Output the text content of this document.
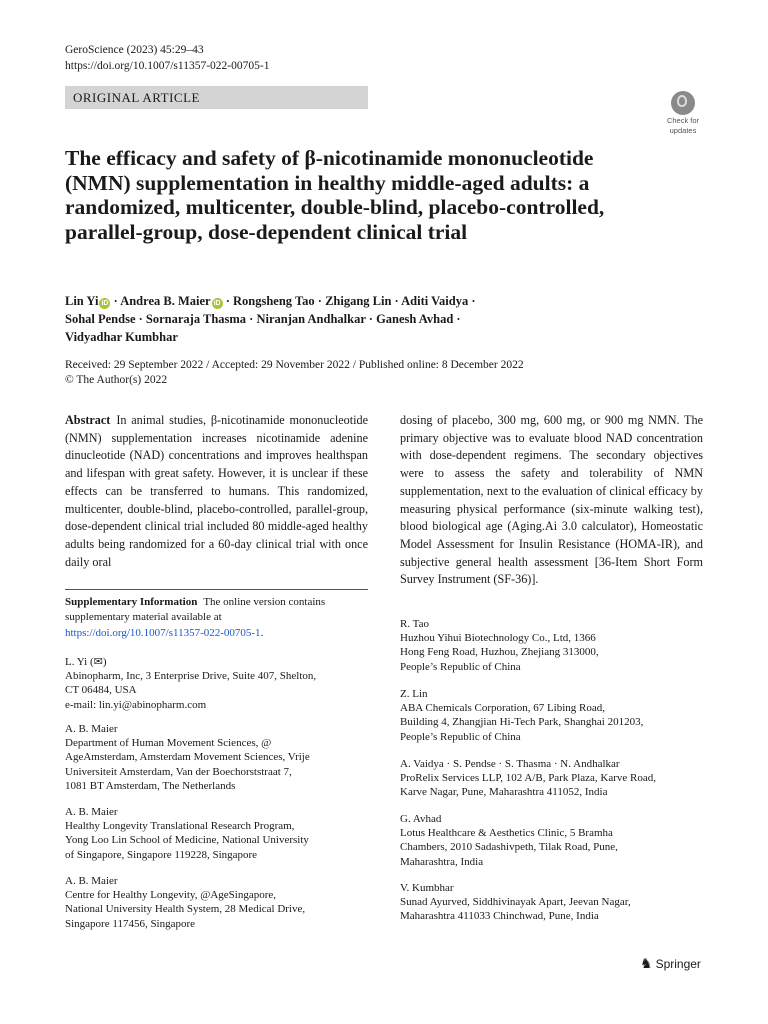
GeroScience (2023) 45:29–43
https://doi.org/10.1007/s11357-022-00705-1
ORIGINAL ARTICLE
Check for
updates
The efficacy and safety of β-nicotinamide mononucleotide (NMN) supplementation in healthy middle-aged adults: a randomized, multicenter, double-blind, placebo-controlled, parallel-group, dose-dependent clinical trial
Lin Yi iD · Andrea B. Maier iD · Rongsheng Tao · Zhigang Lin · Aditi Vaidya ·
Sohal Pendse · Sornaraja Thasma · Niranjan Andhalkar · Ganesh Avhad ·
Vidyadhar Kumbhar
Received: 29 September 2022 / Accepted: 29 November 2022 / Published online: 8 December 2022
© The Author(s) 2022
Abstract In animal studies, β-nicotinamide mononucleotide (NMN) supplementation increases nicotinamide adenine dinucleotide (NAD) concentrations and improves healthspan and lifespan with great safety. However, it is unclear if these effects can be transferred to humans. This randomized, multicenter, double-blind, placebo-controlled, parallel-group, dose-dependent clinical trial included 80 middle-aged healthy adults being randomized for a 60-day clinical trial with once daily oral
dosing of placebo, 300 mg, 600 mg, or 900 mg NMN. The primary objective was to evaluate blood NAD concentration with dose-dependent regimens. The secondary objectives were to assess the safety and tolerability of NMN supplementation, next to the evaluation of clinical efficacy by measuring physical performance (six-minute walking test), blood biological age (Aging.Ai 3.0 calculator), Homeostatic Model Assessment for Insulin Resistance (HOMA-IR), and subjective general health assessment [36-Item Short Form Survey Instrument (SF-36)].
Supplementary Information The online version contains supplementary material available at https://doi.org/10.1007/s11357-022-00705-1.
L. Yi (✉)
Abinopharm, Inc, 3 Enterprise Drive, Suite 407, Shelton,
CT 06484, USA
e-mail: lin.yi@abinopharm.com
A. B. Maier
Department of Human Movement Sciences, @
AgeAmsterdam, Amsterdam Movement Sciences, Vrije
Universiteit Amsterdam, Van der Boechorststraat 7,
1081 BT Amsterdam, The Netherlands
A. B. Maier
Healthy Longevity Translational Research Program,
Yong Loo Lin School of Medicine, National University
of Singapore, Singapore 119228, Singapore
A. B. Maier
Centre for Healthy Longevity, @AgeSingapore,
National University Health System, 28 Medical Drive,
Singapore 117456, Singapore
R. Tao
Huzhou Yihui Biotechnology Co., Ltd, 1366
Hong Feng Road, Huzhou, Zhejiang 313000,
People’s Republic of China
Z. Lin
ABA Chemicals Corporation, 67 Libing Road,
Building 4, Zhangjian Hi-Tech Park, Shanghai 201203,
People’s Republic of China
A. Vaidya · S. Pendse · S. Thasma · N. Andhalkar
ProRelix Services LLP, 102 A/B, Park Plaza, Karve Road,
Karve Nagar, Pune, Maharashtra 411052, India
G. Avhad
Lotus Healthcare & Aesthetics Clinic, 5 Bramha
Chambers, 2010 Sadashivpeth, Tilak Road, Pune,
Maharashtra, India
V. Kumbhar
Sunad Ayurved, Siddhivinayak Apart, Jeevan Nagar,
Maharashtra 411033 Chinchwad, Pune, India
♞ Springer
